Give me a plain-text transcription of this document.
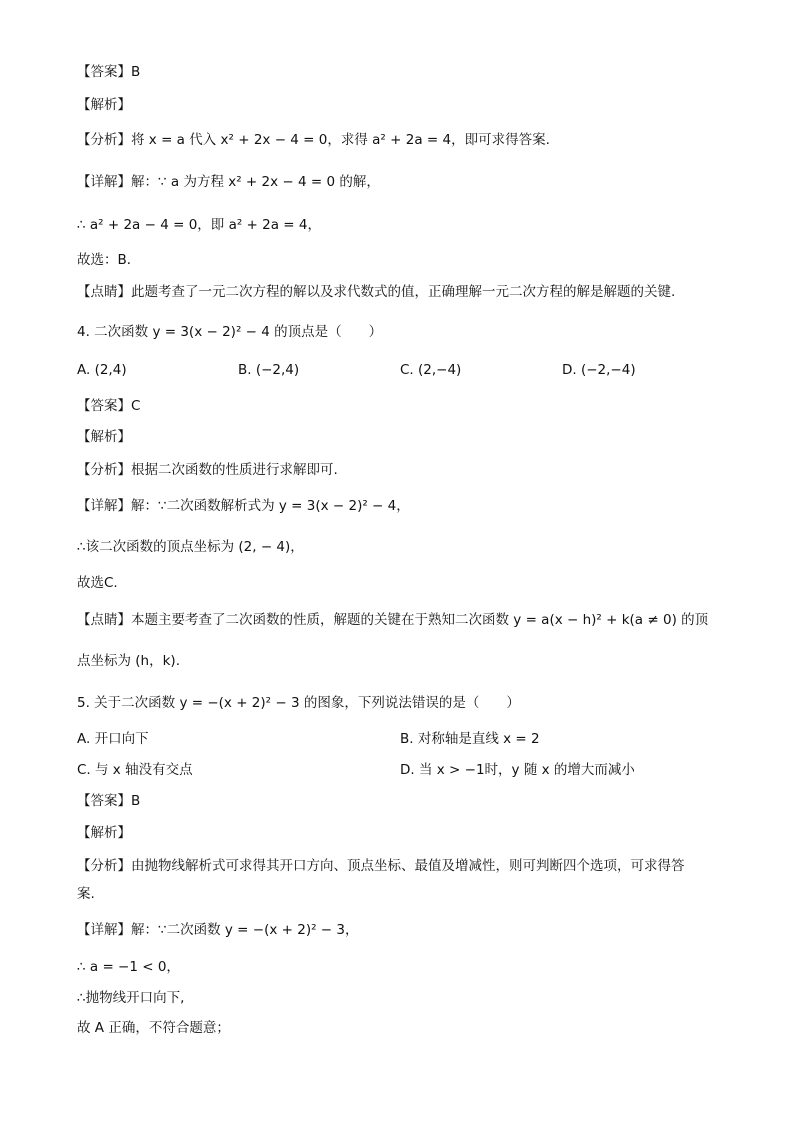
【答案】B
【解析】
【分析】将 x = a 代入 x² + 2x − 4 = 0，求得 a² + 2a = 4，即可求得答案.
【详解】解：∵ a 为方程 x² + 2x − 4 = 0 的解，
∴ a² + 2a − 4 = 0，即 a² + 2a = 4，
故选：B．
【点睛】此题考查了一元二次方程的解以及求代数式的值，正确理解一元二次方程的解是解题的关键.
4. 二次函数 y = 3(x − 2)² − 4 的顶点是（　　）
A. (2,4)	B. (−2,4)	C. (2,−4)	D. (−2,−4)
【答案】C
【解析】
【分析】根据二次函数的性质进行求解即可.
【详解】解：∵二次函数解析式为 y = 3(x − 2)² − 4，
∴该二次函数的顶点坐标为 (2, − 4)，
故选C.
【点睛】本题主要考查了二次函数的性质，解题的关键在于熟知二次函数 y = a(x − h)² + k(a ≠ 0) 的顶
点坐标为 (h，k).
5. 关于二次函数 y = −(x + 2)² − 3 的图象，下列说法错误的是（　　）
A. 开口向下	B. 对称轴是直线 x = 2
C. 与 x 轴没有交点	D. 当 x > −1时，y 随 x 的增大而减小
【答案】B
【解析】
【分析】由抛物线解析式可求得其开口方向、顶点坐标、最值及增减性，则可判断四个选项，可求得答
案.
【详解】解：∵二次函数 y = −(x + 2)² − 3，
∴ a = −1 < 0，
∴抛物线开口向下,
故 A 正确，不符合题意；
